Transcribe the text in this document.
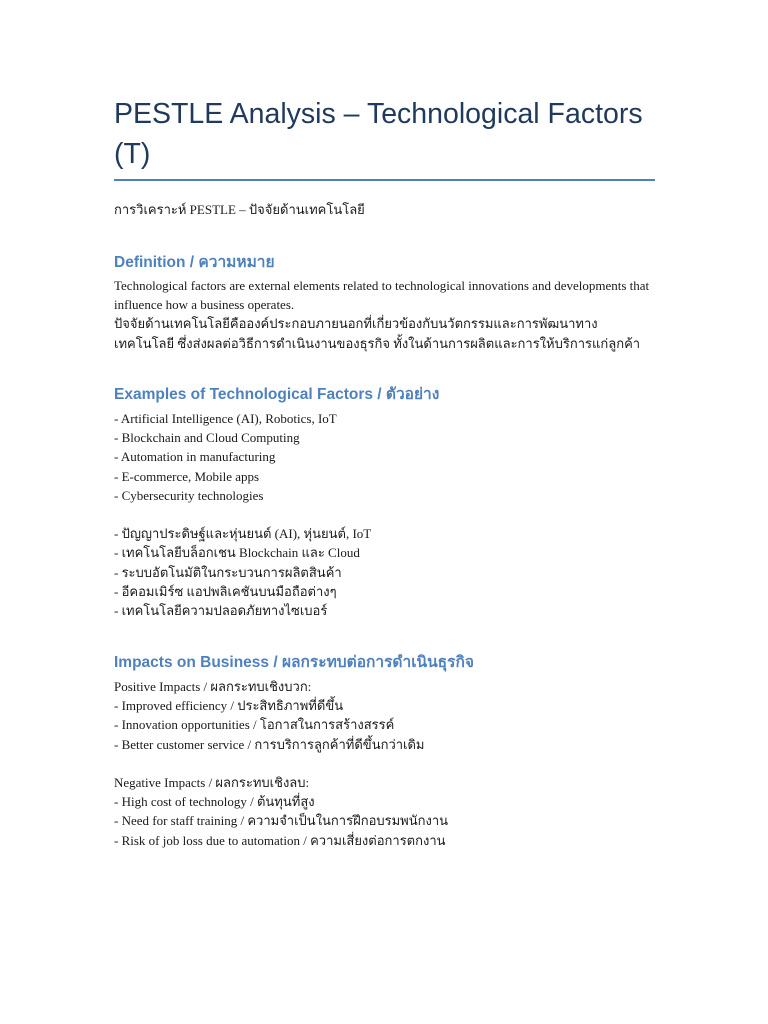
PESTLE Analysis – Technological Factors (T)
การวิเคราะห์ PESTLE – ปัจจัยด้านเทคโนโลยี
Definition / ความหมาย
Technological factors are external elements related to technological innovations and developments that influence how a business operates.
ปัจจัยด้านเทคโนโลยีคือองค์ประกอบภายนอกที่เกี่ยวข้องกับนวัตกรรมและการพัฒนาทางเทคโนโลยี ซึ่งส่งผลต่อวิธีการดำเนินงานของธุรกิจ ทั้งในด้านการผลิตและการให้บริการแก่ลูกค้า
Examples of Technological Factors / ตัวอย่าง
- Artificial Intelligence (AI), Robotics, IoT
- Blockchain and Cloud Computing
- Automation in manufacturing
- E-commerce, Mobile apps
- Cybersecurity technologies
- ปัญญาประดิษฐ์และหุ่นยนต์ (AI), หุ่นยนต์, IoT
- เทคโนโลยีบล็อกเชน Blockchain และ Cloud
- ระบบอัตโนมัติในกระบวนการผลิตสินค้า
- อีคอมเมิร์ซ แอปพลิเคชันบนมือถือต่างๆ
- เทคโนโลยีความปลอดภัยทางไซเบอร์
Impacts on Business / ผลกระทบต่อการดำเนินธุรกิจ
Positive Impacts / ผลกระทบเชิงบวก:
- Improved efficiency / ประสิทธิภาพที่ดีขึ้น
- Innovation opportunities / โอกาสในการสร้างสรรค์
- Better customer service / การบริการลูกค้าที่ดีขึ้นกว่าเดิม
Negative Impacts / ผลกระทบเชิงลบ:
- High cost of technology / ต้นทุนที่สูง
- Need for staff training / ความจำเป็นในการฝึกอบรมพนักงาน
- Risk of job loss due to automation / ความเสี่ยงต่อการตกงาน
